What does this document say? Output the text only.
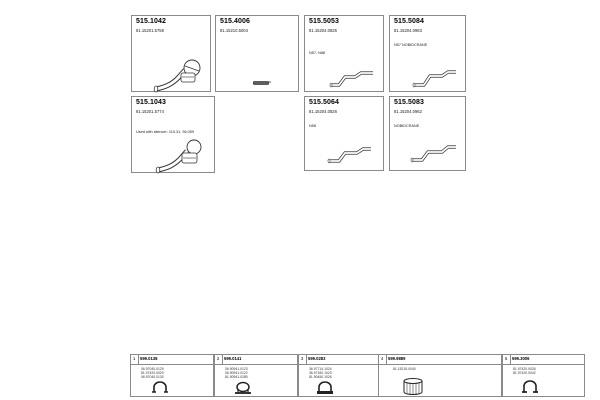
515.1042
81.15201.5758
515.4006
81.15210.5004
515.5053
81.15204.0825
N57, N88
515.5084
81.15204.0963
N57 NOBIDCRANE
515.1043
81.15201.5774
Used with silencer: 115.31, 96.059
515.5064
81.15204.0826
N58
515.5083
81.15204.0962
NOBIDCRANE
1 599.0138
06.97040.0129
81.97420.0020
06.97040.0130
2 599.0141
06.90941.0123
06.90941.0122
81.90941.0285
3 599.0283
36.97714.1024
36.97160.1023
81.90450.1026
4 599.9889
81.15215.0040
5 599.3006
81.97420.0026
81.97420.0042
